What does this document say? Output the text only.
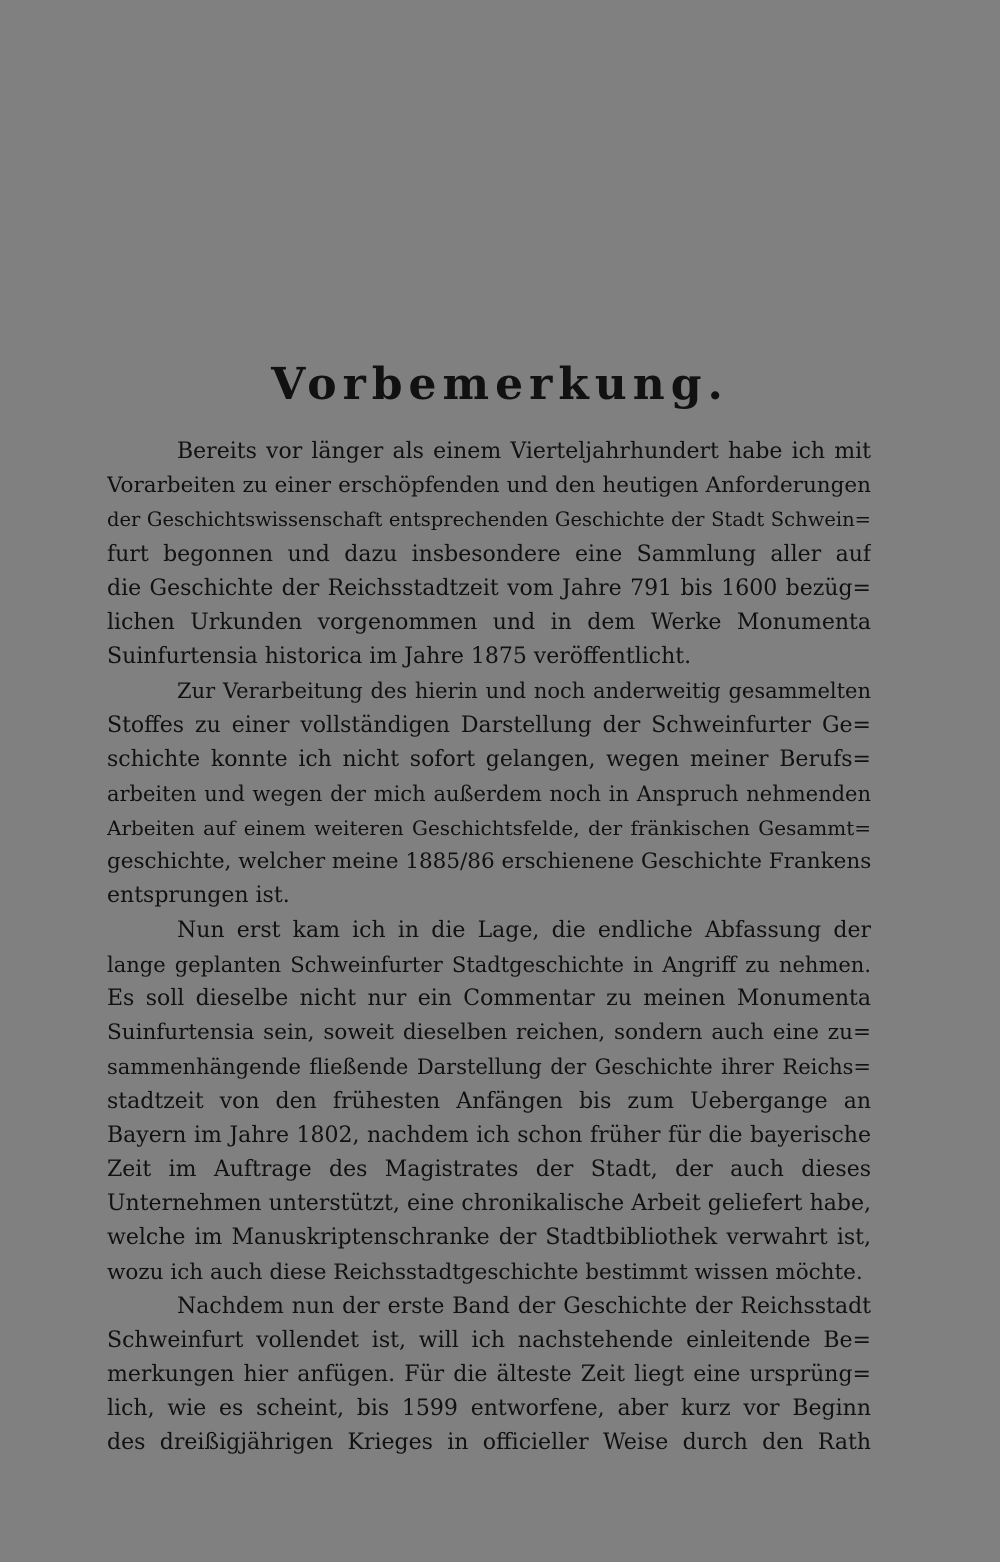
Vorbemerkung.
Bereits vor länger als einem Vierteljahrhundert habe ich mit
Vorarbeiten zu einer erschöpfenden und den heutigen Anforderungen
der Geschichtswissenschaft entsprechenden Geschichte der Stadt Schwein=
furt begonnen und dazu insbesondere eine Sammlung aller auf
die Geschichte der Reichsstadtzeit vom Jahre 791 bis 1600 bezüg=
lichen Urkunden vorgenommen und in dem Werke Monumenta
Suinfurtensia historica im Jahre 1875 veröffentlicht.
Zur Verarbeitung des hierin und noch anderweitig gesammelten
Stoffes zu einer vollständigen Darstellung der Schweinfurter Ge=
schichte konnte ich nicht sofort gelangen, wegen meiner Berufs=
arbeiten und wegen der mich außerdem noch in Anspruch nehmenden
Arbeiten auf einem weiteren Geschichtsfelde, der fränkischen Gesammt=
geschichte, welcher meine 1885/86 erschienene Geschichte Frankens
entsprungen ist.
Nun erst kam ich in die Lage, die endliche Abfassung der
lange geplanten Schweinfurter Stadtgeschichte in Angriff zu nehmen.
Es soll dieselbe nicht nur ein Commentar zu meinen Monumenta
Suinfurtensia sein, soweit dieselben reichen, sondern auch eine zu=
sammenhängende fließende Darstellung der Geschichte ihrer Reichs=
stadtzeit von den frühesten Anfängen bis zum Uebergange an
Bayern im Jahre 1802, nachdem ich schon früher für die bayerische
Zeit im Auftrage des Magistrates der Stadt, der auch dieses
Unternehmen unterstützt, eine chronikalische Arbeit geliefert habe,
welche im Manuskriptenschranke der Stadtbibliothek verwahrt ist,
wozu ich auch diese Reichsstadtgeschichte bestimmt wissen möchte.
Nachdem nun der erste Band der Geschichte der Reichsstadt
Schweinfurt vollendet ist, will ich nachstehende einleitende Be=
merkungen hier anfügen. Für die älteste Zeit liegt eine ursprüng=
lich, wie es scheint, bis 1599 entworfene, aber kurz vor Beginn
des dreißigjährigen Krieges in officieller Weise durch den Rath
